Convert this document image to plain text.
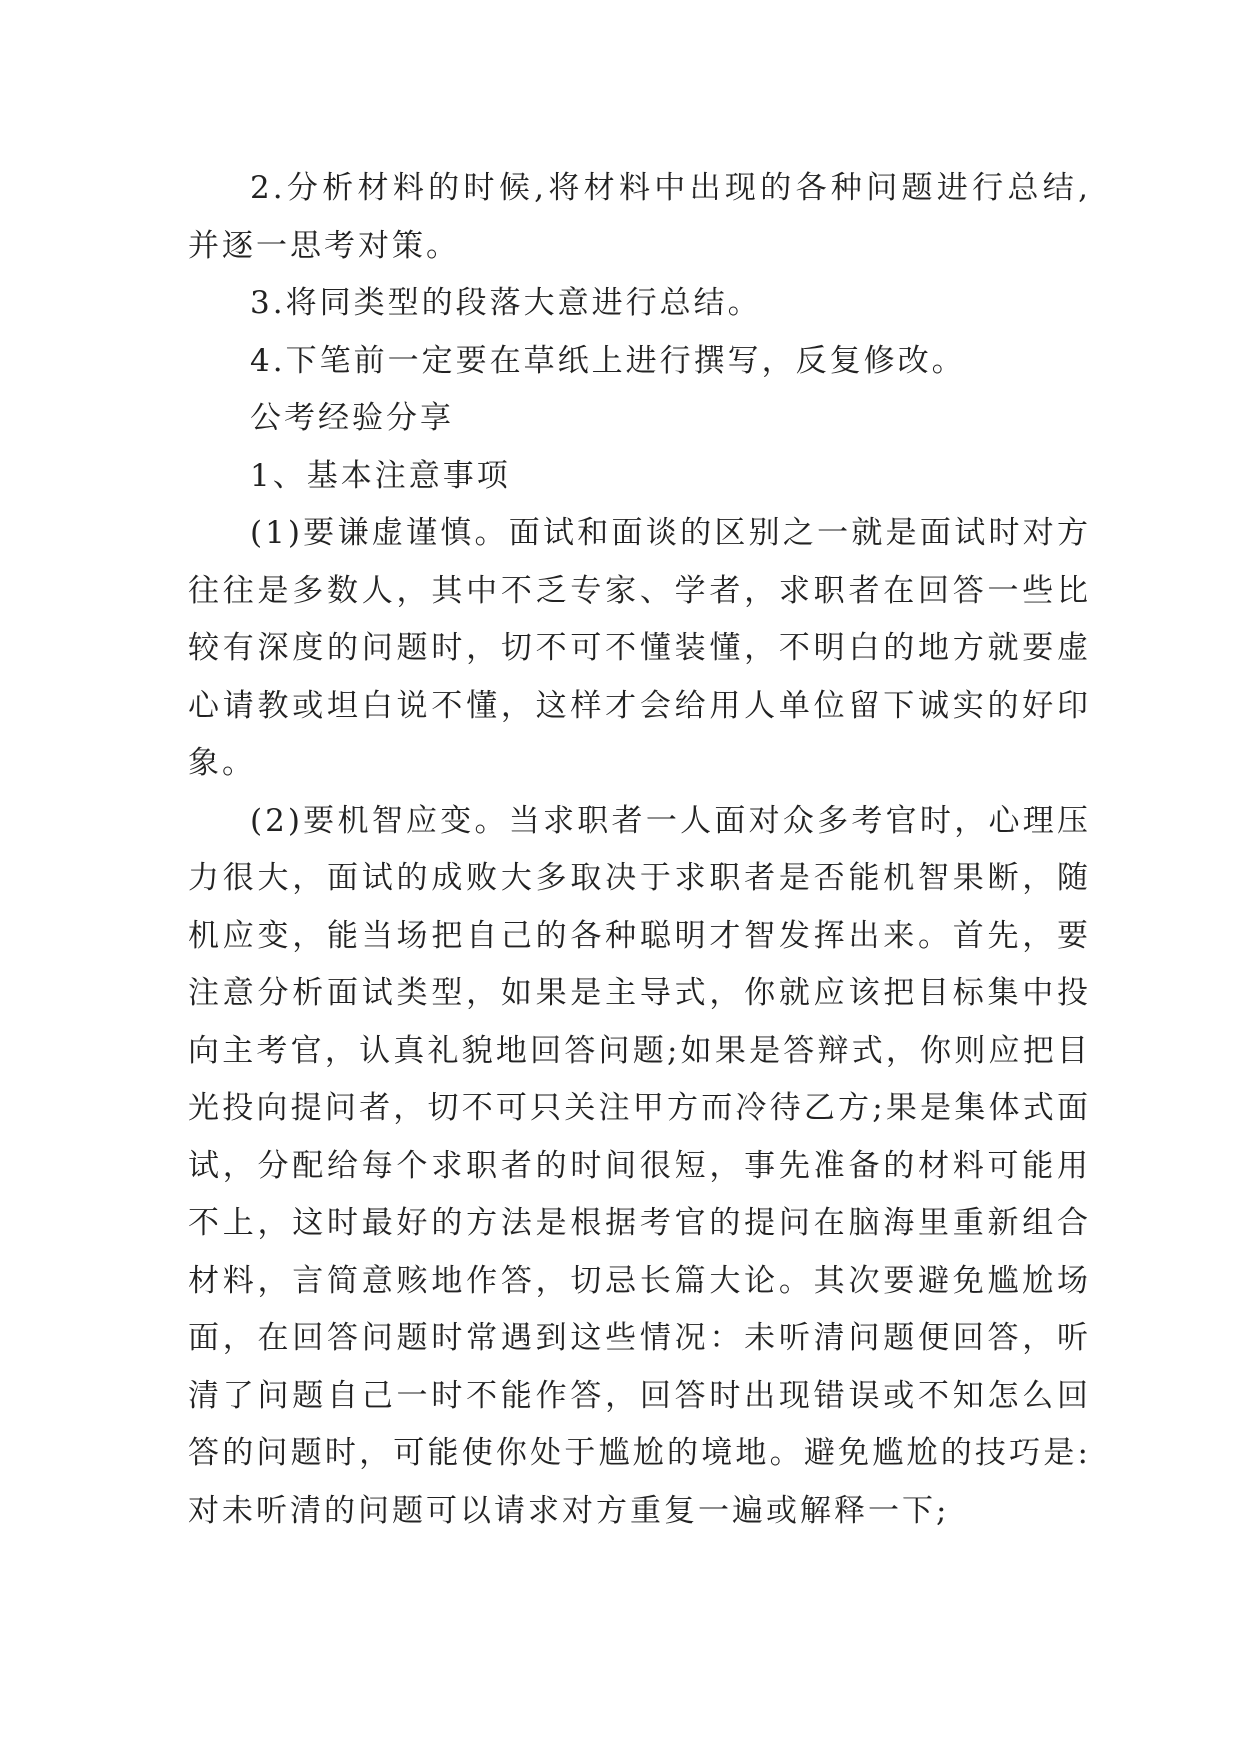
2.分析材料的时候,将材料中出现的各种问题进行总结,并逐一思考对策。

3.将同类型的段落大意进行总结。

4.下笔前一定要在草纸上进行撰写，反复修改。

公考经验分享

1、基本注意事项

(1)要谦虚谨慎。面试和面谈的区别之一就是面试时对方往往是多数人，其中不乏专家、学者，求职者在回答一些比较有深度的问题时，切不可不懂装懂，不明白的地方就要虚心请教或坦白说不懂，这样才会给用人单位留下诚实的好印象。

(2)要机智应变。当求职者一人面对众多考官时，心理压力很大，面试的成败大多取决于求职者是否能机智果断，随机应变，能当场把自己的各种聪明才智发挥出来。首先，要注意分析面试类型，如果是主导式，你就应该把目标集中投向主考官，认真礼貌地回答问题;如果是答辩式，你则应把目光投向提问者，切不可只关注甲方而冷待乙方;果是集体式面试，分配给每个求职者的时间很短，事先准备的材料可能用不上，这时最好的方法是根据考官的提问在脑海里重新组合材料，言简意赅地作答，切忌长篇大论。其次要避免尴尬场面，在回答问题时常遇到这些情况：未听清问题便回答，听清了问题自己一时不能作答，回答时出现错误或不知怎么回答的问题时，可能使你处于尴尬的境地。避免尴尬的技巧是: 对未听清的问题可以请求对方重复一遍或解释一下;
